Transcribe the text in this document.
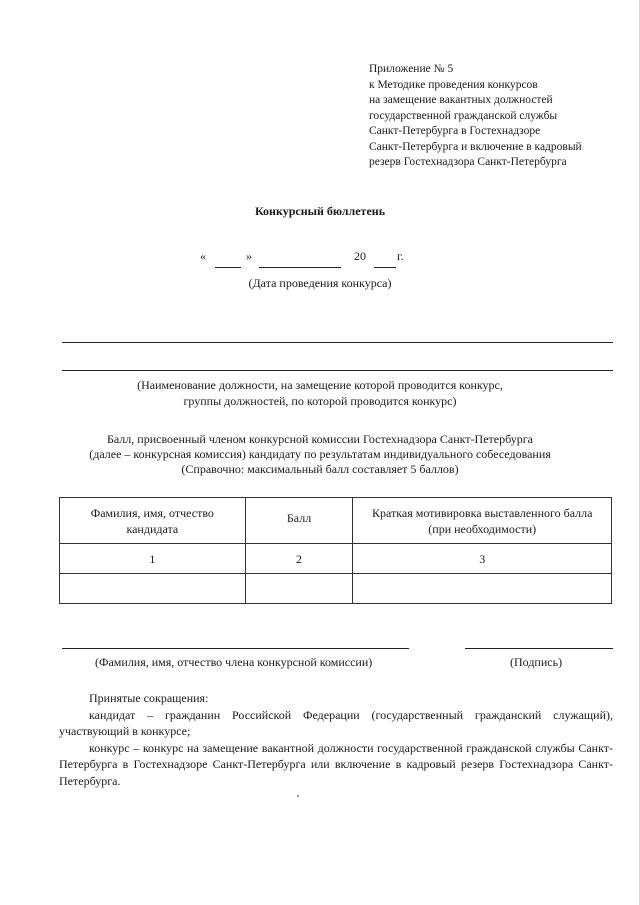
Приложение № 5
к Методике проведения конкурсов
на замещение вакантных должностей
государственной гражданской службы
Санкт-Петербурга в Гостехнадзоре
Санкт-Петербурга и включение в кадровый
резерв Гостехнадзора Санкт-Петербурга
Конкурсный бюллетень
«	»	20	г.
(Дата проведения конкурса)
(Наименование должности, на замещение которой проводится конкурс,
группы должностей, по которой проводится конкурс)
Балл, присвоенный членом конкурсной комиссии Гостехнадзора Санкт-Петербурга
(далее – конкурсная комиссия) кандидату по результатам индивидуального собеседования
(Справочно: максимальный балл составляет 5 баллов)
Фамилия, имя, отчество кандидата	Балл	Краткая мотивировка выставленного балла (при необходимости)
1	2	3

(Фамилия, имя, отчество члена конкурсной комиссии)	(Подпись)

Принятые сокращения:

кандидат – гражданин Российской Федерации (государственный гражданский служащий), участвующий в конкурсе;

конкурс – конкурс на замещение вакантной должности государственной гражданской службы Санкт-Петербурга в Гостехнадзоре Санкт-Петербурга или включение в кадровый резерв Гостехнадзора Санкт-Петербурга.
